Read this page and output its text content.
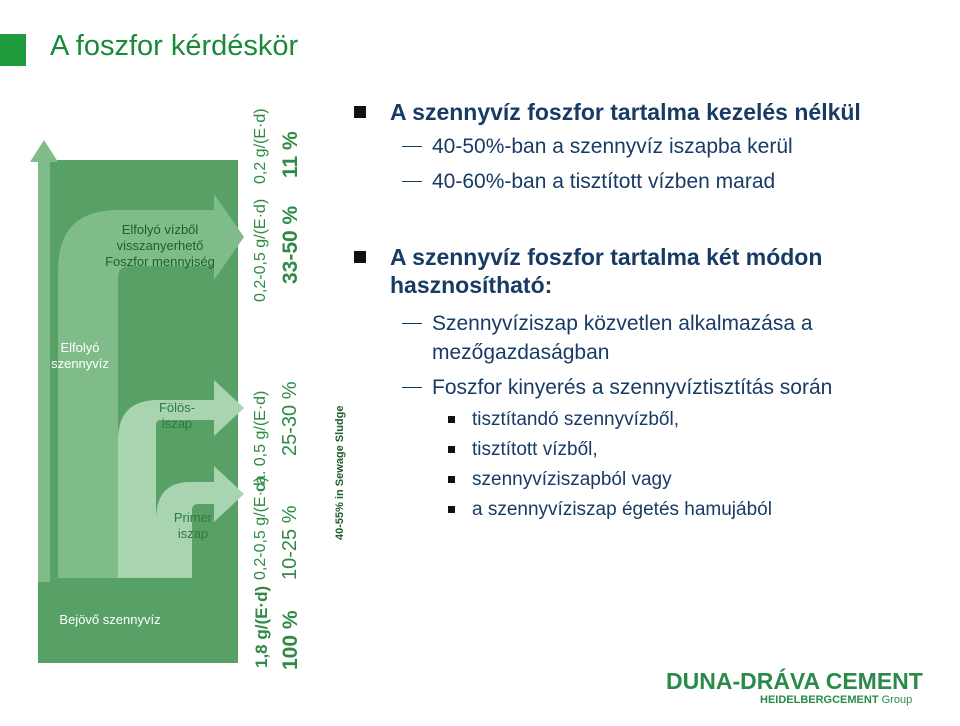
A foszfor kérdéskör
Bejövő szennyvíz
Elfolyó szennyvíz
Elfolyó vízből
visszanyerhető
Foszfor mennyiség
Fölös-
iszap
Primer
iszap
1,8 g/(E·d) 100 %
0,2-0,5 g/(E·d) 10-25 %
ca. 0,5 g/(E·d) 25-30 %
0,2-0,5 g/(E·d) 33-50 %
0,2 g/(E·d) 11 %
40-55% in Sewage Sludge
A szennyvíz foszfor tartalma kezelés nélkül
40-50%-ban a szennyvíz iszapba kerül
40-60%-ban a tisztított vízben marad
A szennyvíz foszfor tartalma két módon
hasznosítható:
Szennyvíziszap közvetlen alkalmazása a
mezőgazdaságban
Foszfor kinyerés a szennyvíztisztítás során
tisztítandó szennyvízből,
tisztított vízből,
szennyvíziszapból vagy
a szennyvíziszap égetés hamujából
DUNA-DRÁVA CEMENT
HEIDELBERGCEMENT Group
